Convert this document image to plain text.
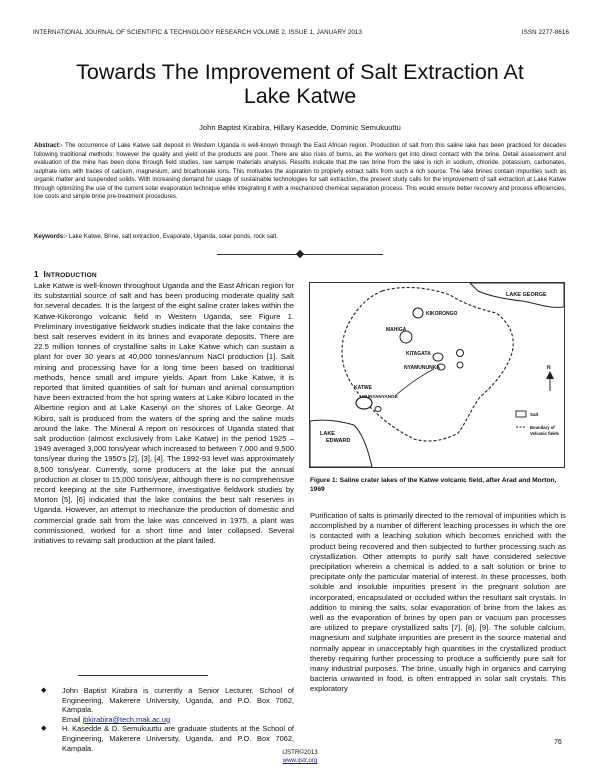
INTERNATIONAL JOURNAL OF SCIENTIFIC & TECHNOLOGY RESEARCH VOLUME 2, ISSUE 1, JANUARY 2013	ISSN 2277-8616
Towards The Improvement of Salt Extraction At
Lake Katwe
John Baptist Kirabira, Hillary Kasedde, Dominic Semukuuttu
Abstract:- The occurrence of Lake Katwe salt deposit in Western Uganda is well-known through the East African region. Production of salt from this saline lake has been practiced for decades following traditional methods; however the quality and yield of the products are poor. There are also risks of burns, as the workers get into direct contact with the brine. Detail assessment and evaluation of the mine has been done through field studies, raw sample materials analysis. Results indicate that the raw brine from the lake is rich in sodium, chloride, potassium, carbonates, sulphate ions with traces of calcium, magnesium, and bicarbonate ions. This motivates the aspiration to properly extract salts from such a rich source. The lake brines contain impurities such as organic matter and suspended solids. With increasing demand for usage of sustainable technologies for salt extraction, the present study calls for the improvement of salt extraction at Lake Katwe through optimizing the use of the current solar evaporation technique while integrating it with a mechanized chemical separation process. This would ensure better recovery and process efficiencies, low costs and simple brine pre-treatment procedures.
Keywords:- Lake Katwe, Brine, salt extraction, Evaporate, Uganda, solar ponds, rock salt.
1 INTRODUCTION
Lake Katwe is well-known throughout Uganda and the East African region for its substantial source of salt and has been producing moderate quality salt for several decades. It is the largest of the eight saline crater lakes within the Katwe-Kikorongo volcanic field in Western Uganda, see Figure 1. Preliminary investigative fieldwork studies indicate that the lake contains the best salt reserves evident in its brines and evaporate deposits. There are 22.5 million tonnes of crystalline salts in Lake Katwe which can sustain a plant for over 30 years at 40,000 tonnes/annum NaCl production [1]. Salt mining and processing have for a long time been based on traditional methods, hence small and impure yields. Apart from Lake Katwe, it is reported that limited quantities of salt for human and animal consumption have been extracted from the hot spring waters at Lake Kibiro located in the Albertine region and at Lake Kasenyi on the shores of Lake George. At Kibiro, salt is produced from the waters of the spring and the saline muds around the lake. The Mineral A report on resources of Uganda stated that salt production (almost exclusively from Lake Katwe) in the period 1925 – 1949 averaged 3,000 tons/year which increased to between 7,000 and 9,500 tons/year during the 1950's [2], [3], [4]. The 1992-93 level was approximately 8,500 tons/year. Currently, some producers at the lake put the annual production at closer to 15,000 tons/year, although there is no comprehensive record keeping at the site Furthermore, investigative fieldwork studies by Morton [5], [6] indicated that the lake contains the best salt reserves in Uganda. However, an attempt to mechanize the production of domestic and commercial grade salt from the lake was conceived in 1975, a plant was commissioned, worked for a short time and later collapsed. Several initiatives to revamp salt production at the plant failed.
LAKE GEORGE
LAKE
EDWARD
KIKORONGO
MAHIGA
KITAGATA
NYAMUNUNKA
KATWE
MUNYANYANGE
Salt
Boundary of
Volcanic fields
N
Figure 1: Saline crater lakes of the Katwe volcanic field, after Arad and Morton, 1969
Purification of salts is primarily directed to the removal of impurities which is accomplished by a number of different leaching processes in which the ore is contacted with a leaching solution which becomes enriched with the product being recovered and then subjected to further processing such as crystallization. Other attempts to purify salt have considered selective precipitation wherein a chemical is added to a salt solution or brine to precipitate only the particular material of interest. In these processes, both soluble and insoluble impurities present in the pregnant solution are incorporated, encapsulated or occluded within the resultant salt crystals. In addition to mining the salts, solar evaporation of brine from the lakes as well as the evaporation of brines by open pan or vacuum pan processes are utilized to prepare crystallized salts [7], [8], [9]. The soluble calcium, magnesium and sulphate impurities are present in the source material and normally appear in unacceptably high quantities in the crystallized product thereby requiring further processing to produce a sufficiently pure salt for many industrial purposes. The brine, usually high in organics and carrying bacteria unwanted in food, is often entrapped in solar salt crystals. This exploratory
◆ John Baptist Kirabira is currently a Senior Lecturer, School of Engineering, Makerere University, Uganda, and P.O. Box 7062, Kampala.
Email jbkirabira@tech.mak.ac.ug
◆ H. Kasedde & D. Semukuuttu are graduate students at the School of Engineering, Makerere University, Uganda, and P.O. Box 7062, Kampala.
76
IJSTR©2013
www.ijstr.org
